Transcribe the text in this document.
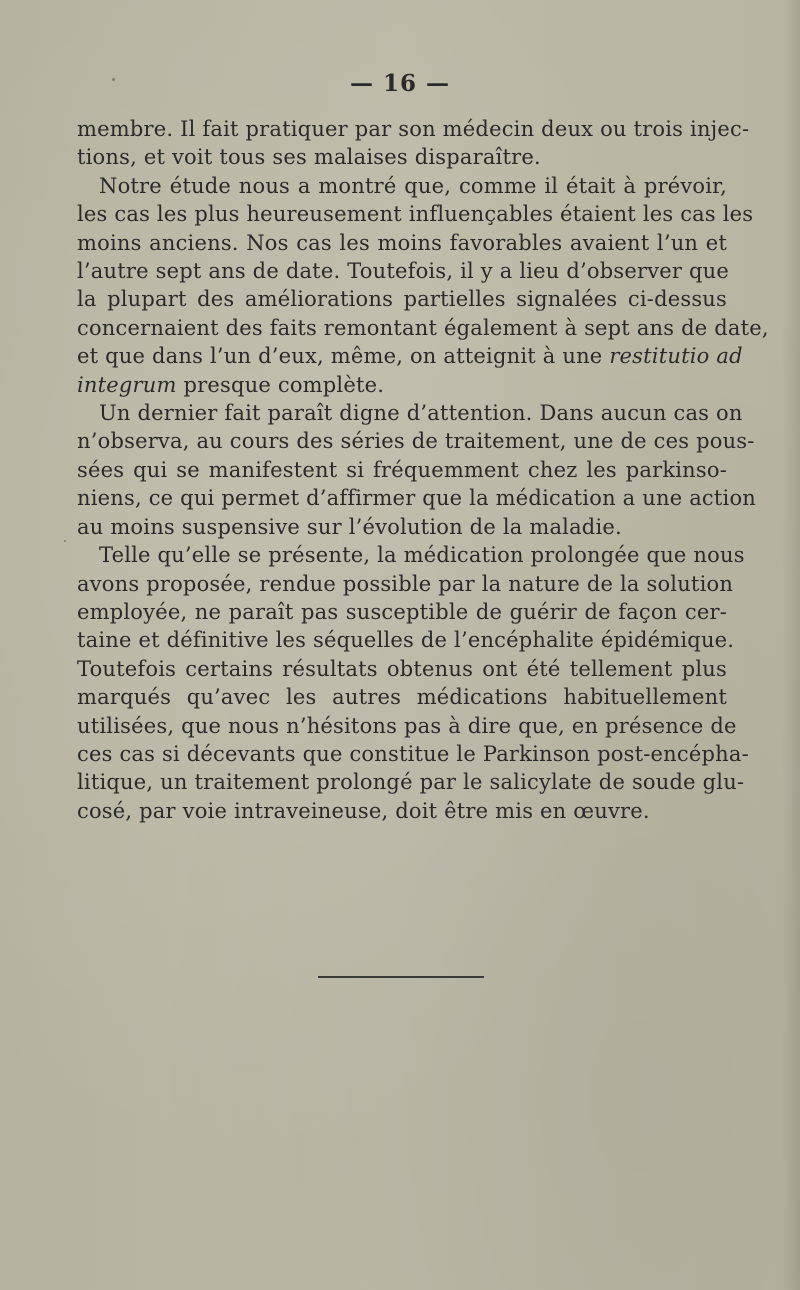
— 16 —
membre. Il fait pratiquer par son médecin deux ou trois injec-
tions, et voit tous ses malaises disparaître.
Notre étude nous a montré que, comme il était à prévoir,
les cas les plus heureusement influençables étaient les cas les
moins anciens. Nos cas les moins favorables avaient l’un et
l’autre sept ans de date. Toutefois, il y a lieu d’observer que
la plupart des améliorations partielles signalées ci-dessus
concernaient des faits remontant également à sept ans de date,
et que dans l’un d’eux, même, on atteignit à une restitutio ad
integrum presque complète.
Un dernier fait paraît digne d’attention. Dans aucun cas on
n’observa, au cours des séries de traitement, une de ces pous-
sées qui se manifestent si fréquemment chez les parkinso-
niens, ce qui permet d’affirmer que la médication a une action
au moins suspensive sur l’évolution de la maladie.
Telle qu’elle se présente, la médication prolongée que nous
avons proposée, rendue possible par la nature de la solution
employée, ne paraît pas susceptible de guérir de façon cer-
taine et définitive les séquelles de l’encéphalite épidémique.
Toutefois certains résultats obtenus ont été tellement plus
marqués qu’avec les autres médications habituellement
utilisées, que nous n’hésitons pas à dire que, en présence de
ces cas si décevants que constitue le Parkinson post-encépha-
litique, un traitement prolongé par le salicylate de soude glu-
cosé, par voie intraveineuse, doit être mis en œuvre.
